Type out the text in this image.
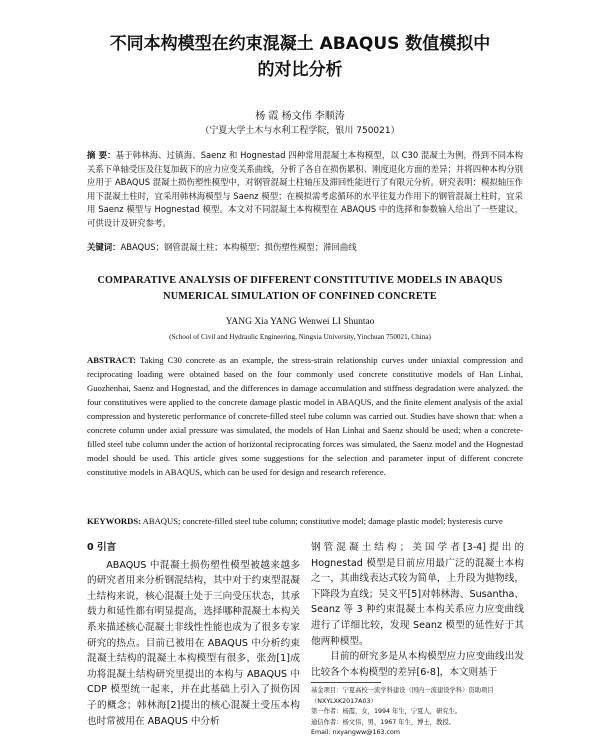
不同本构模型在约束混凝土 ABAQUS 数值模拟中
的对比分析
杨 霞 杨文伟 李顺涛
（宁夏大学土木与水利工程学院，银川 750021）
摘 要：基于韩林海、过镇海、Saenz 和 Hognestad 四种常用混凝土本构模型，以 C30 混凝土为例，得到不同本构关系下单轴受压及往复加载下的应力应变关系曲线，分析了各自在损伤累积、刚度退化方面的差异；并将四种本构分别应用于 ABAQUS 混凝土损伤塑性模型中，对钢管混凝土柱轴压及滞回性能进行了有限元分析。研究表明：模拟轴压作用下混凝土柱时，宜采用韩林海模型与 Saenz 模型；在模拟需考虑循环的水平往复力作用下的钢管混凝土柱时，宜采用 Saenz 模型与 Hognestad 模型。本文对不同混凝土本构模型在 ABAQUS 中的选择和参数输入给出了一些建议，可供设计及研究参考。
关键词：ABAQUS；钢管混凝土柱；本构模型；损伤塑性模型；滞回曲线
COMPARATIVE ANALYSIS OF DIFFERENT CONSTITUTIVE MODELS IN ABAQUS
NUMERICAL SIMULATION OF CONFINED CONCRETE
YANG Xia YANG Wenwei LI Shuntao
(School of Civil and Hydraulic Engineering, Ningxia University, Yinchuan 750021, China)
ABSTRACT: Taking C30 concrete as an example, the stress-strain relationship curves under uniaxial compression and reciprocating loading were obtained based on the four commonly used concrete constitutive models of Han Linhai, Guozhenhai, Saenz and Hognestad, and the differences in damage accumulation and stiffness degradation were analyzed. the four constitutives were applied to the concrete damage plastic model in ABAQUS, and the finite element analysis of the axial compression and hysteretic performance of concrete-filled steel tube column was carried out. Studies have shown that: when a concrete column under axial pressure was simulated, the models of Han Linhai and Saenz should be used; when a concrete-filled steel tube column under the action of horizontal reciprocating forces was simulated, the Saenz model and the Hognestad model should be used. This article gives some suggestions for the selection and parameter input of different concrete constitutive models in ABAQUS, which can be used for design and research reference.
KEYWORDS: ABAQUS; concrete-filled steel tube column; constitutive model; damage plastic model; hysteresis curve
0 引言

ABAQUS 中混凝土损伤塑性模型被越来越多的研究者用来分析钢混结构，其中对于约束型混凝土结构来说，核心混凝土处于三向受压状态，其承载力和延性都有明显提高，选择哪种混凝土本构关系来描述核心混凝土非线性性能也成为了很多专家研究的热点。目前已被用在 ABAQUS 中分析约束混凝土结构的混凝土本构模型有很多，张劲[1]成功将混凝土结构研究里提出的本构与 ABAQUS 中 CDP 模型统一起来，并在此基础上引入了损伤因子的概念；韩林海[2]提出的核心混凝土受压本构也时常被用在 ABAQUS 中分析

钢管混凝土结构；美国学者[3-4]提出的 Hognestad 模型是目前应用最广泛的混凝土本构之一，其曲线表达式较为简单，上升段为抛物线，下降段为直线；吴文平[5]对韩林海、Susantha、Seanz 等 3 种约束混凝土本构关系应力应变曲线进行了详细比较，发现 Seanz 模型的延性好于其他两种模型。

目前的研究多是从本构模型应力应变曲线出发比较各个本构模型的差异[6-8]，本文则基于

基金项目：宁夏高校一流学科建设（国内一流建设学科）资助项目（NXYLXK2017A03）
第一作者：杨霞，女，1994 年生，宁夏人，研究生。
通信作者：杨文伟，男，1967 年生，博士，教授。
Email: nxyangww@163.com
